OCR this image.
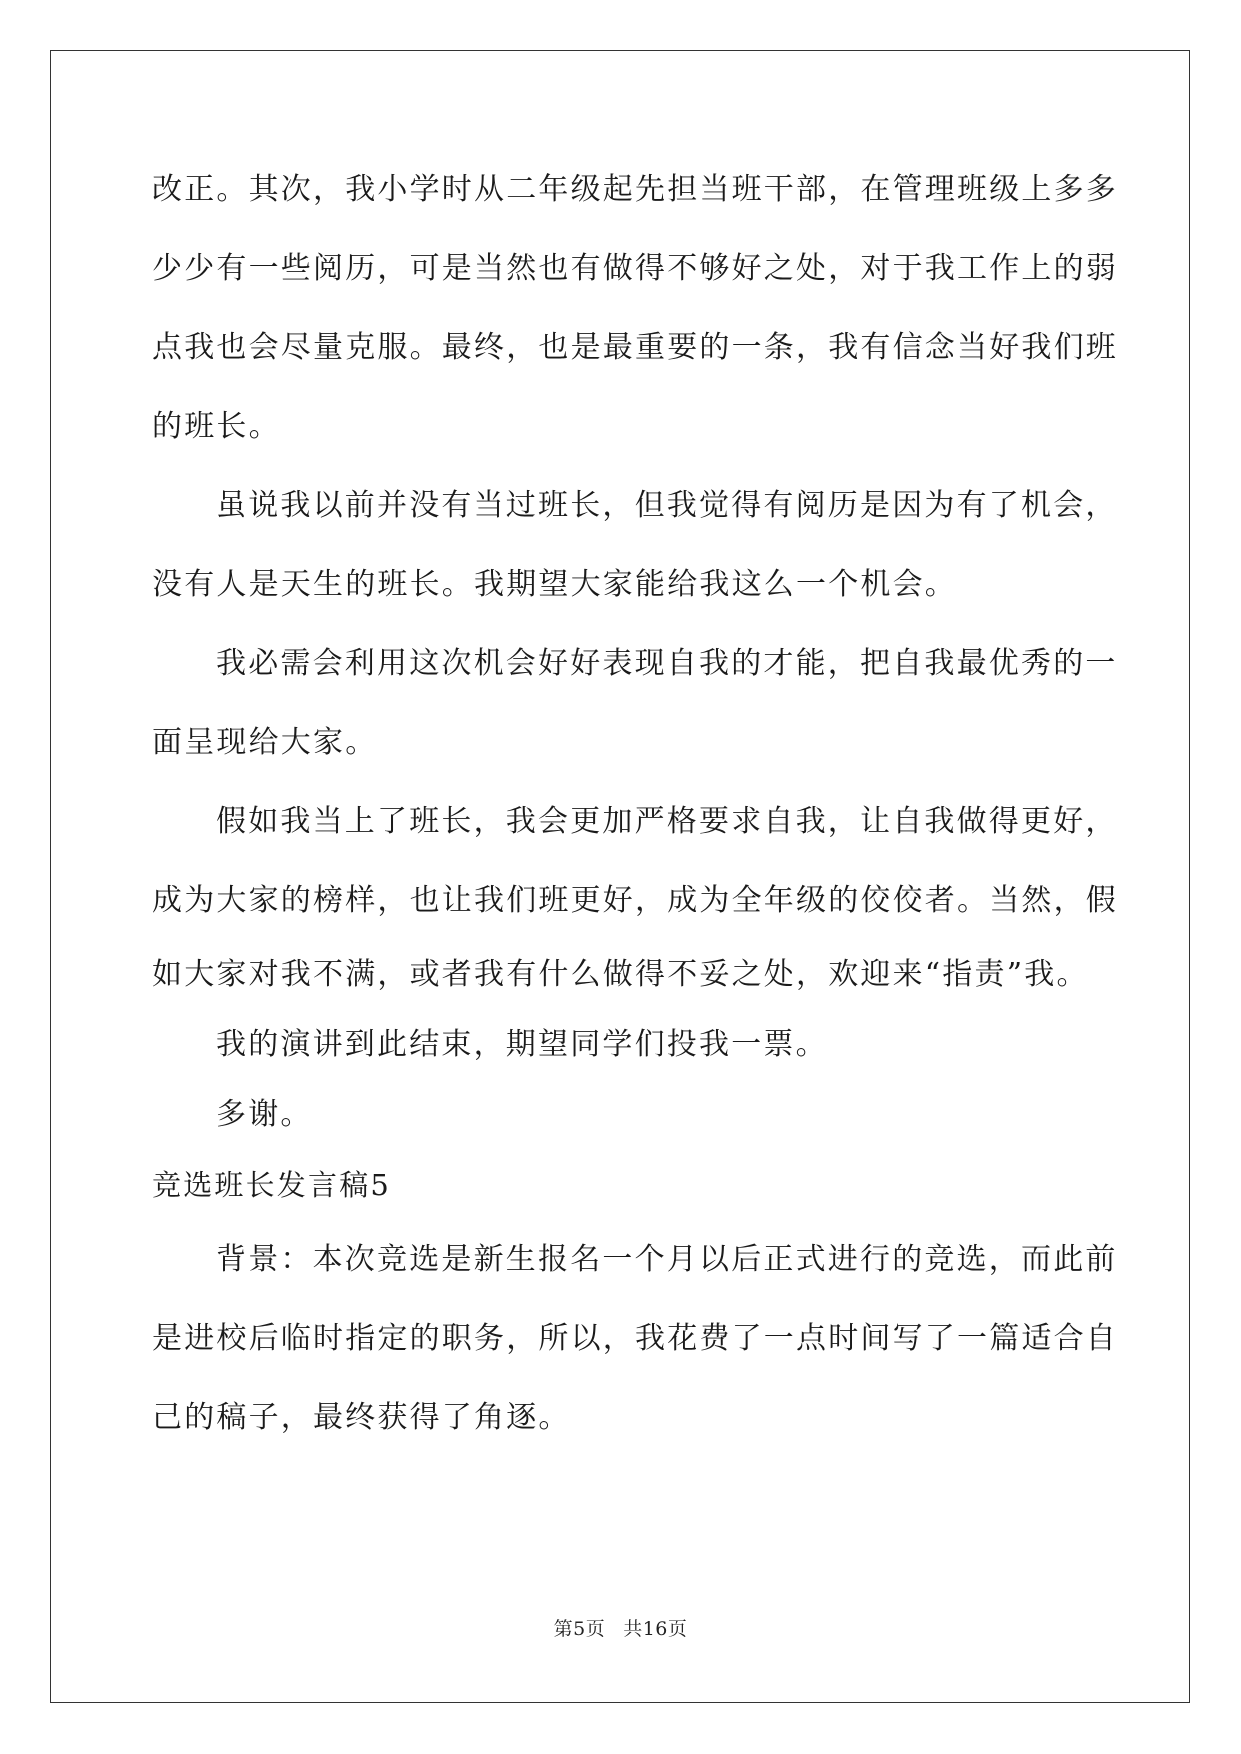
改正。其次，我小学时从二年级起先担当班干部，在管理班级上多多
少少有一些阅历，可是当然也有做得不够好之处，对于我工作上的弱
点我也会尽量克服。最终，也是最重要的一条，我有信念当好我们班
的班长。
虽说我以前并没有当过班长，但我觉得有阅历是因为有了机会，
没有人是天生的班长。我期望大家能给我这么一个机会。
我必需会利用这次机会好好表现自我的才能，把自我最优秀的一
面呈现给大家。
假如我当上了班长，我会更加严格要求自我，让自我做得更好，
成为大家的榜样，也让我们班更好，成为全年级的佼佼者。当然，假
如大家对我不满，或者我有什么做得不妥之处，欢迎来“指责”我。
我的演讲到此结束，期望同学们投我一票。
多谢。
竞选班长发言稿5
背景：本次竞选是新生报名一个月以后正式进行的竞选，而此前
是进校后临时指定的职务，所以，我花费了一点时间写了一篇适合自
己的稿子，最终获得了角逐。
第5页 共16页
